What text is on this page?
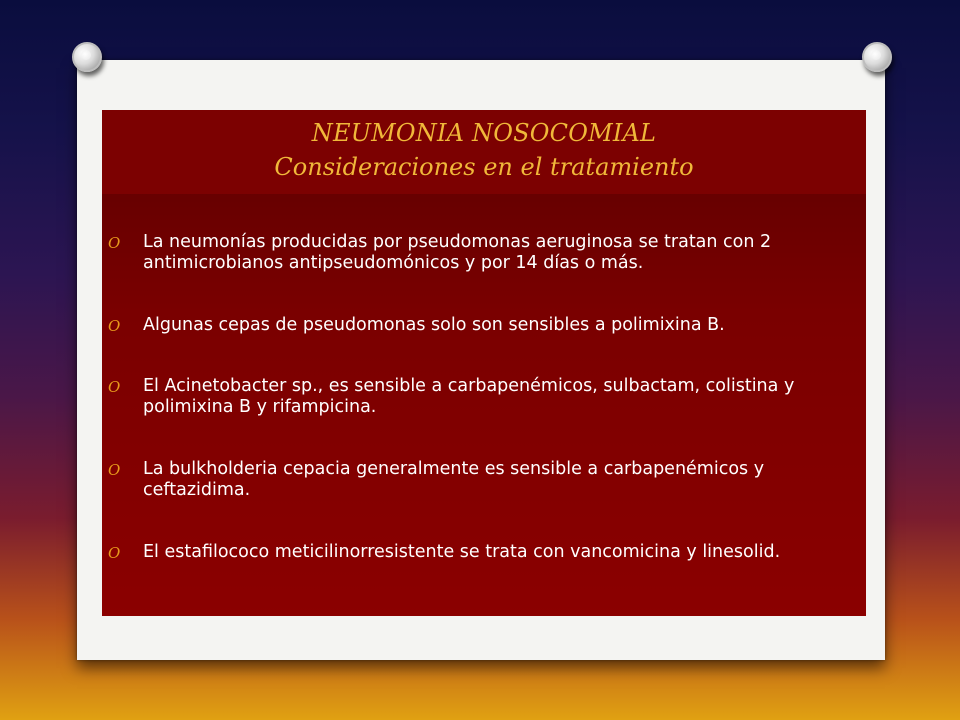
NEUMONIA NOSOCOMIAL
Consideraciones en el tratamiento
O La neumonías producidas por pseudomonas aeruginosa se tratan con 2 antimicrobianos antipseudomónicos y por 14 días o más.
O Algunas cepas de pseudomonas solo son sensibles a polimixina B.
O El Acinetobacter sp., es sensible a carbapenémicos, sulbactam, colistina y polimixina B y rifampicina.
O La bulkholderia cepacia generalmente es sensible a carbapenémicos y ceftazidima.
O El estafilococo meticilinorresistente se trata con vancomicina y linesolid.
